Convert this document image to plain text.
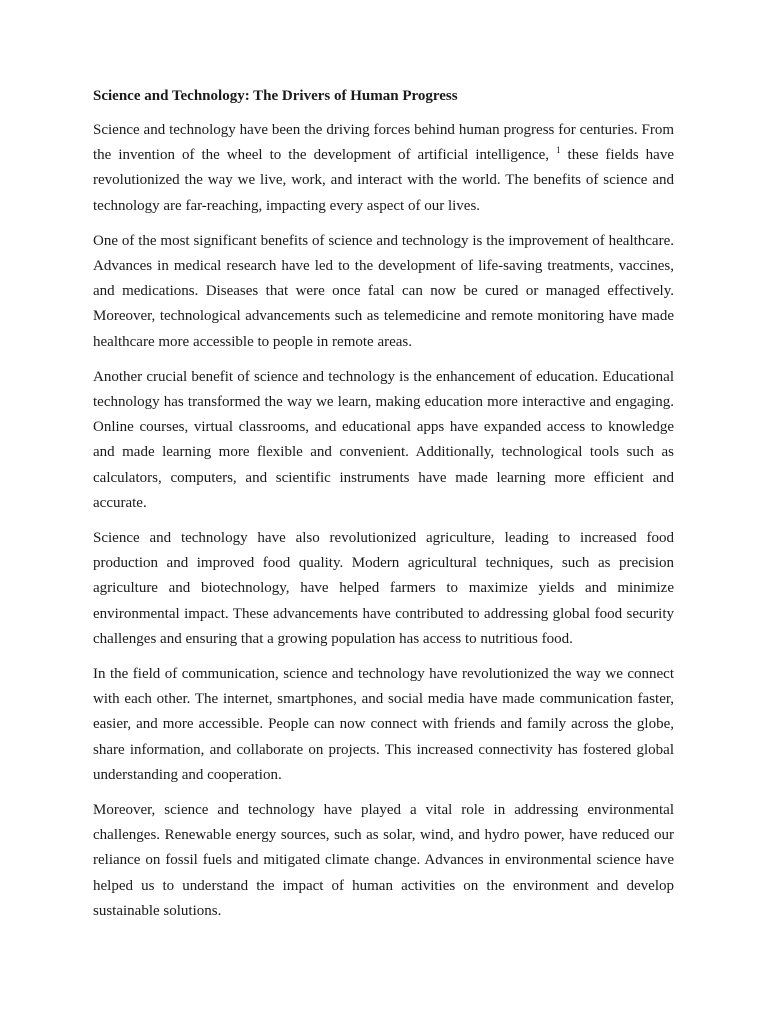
Science and Technology: The Drivers of Human Progress

Science and technology have been the driving forces behind human progress for centuries. From the invention of the wheel to the development of artificial intelligence, $^1$ these fields have revolutionized the way we live, work, and interact with the world. The benefits of science and technology are far-reaching, impacting every aspect of our lives.

One of the most significant benefits of science and technology is the improvement of healthcare. Advances in medical research have led to the development of life-saving treatments, vaccines, and medications. Diseases that were once fatal can now be cured or managed effectively. Moreover, technological advancements such as telemedicine and remote monitoring have made healthcare more accessible to people in remote areas.

Another crucial benefit of science and technology is the enhancement of education. Educational technology has transformed the way we learn, making education more interactive and engaging. Online courses, virtual classrooms, and educational apps have expanded access to knowledge and made learning more flexible and convenient. Additionally, technological tools such as calculators, computers, and scientific instruments have made learning more efficient and accurate.

Science and technology have also revolutionized agriculture, leading to increased food production and improved food quality. Modern agricultural techniques, such as precision agriculture and biotechnology, have helped farmers to maximize yields and minimize environmental impact. These advancements have contributed to addressing global food security challenges and ensuring that a growing population has access to nutritious food.

In the field of communication, science and technology have revolutionized the way we connect with each other. The internet, smartphones, and social media have made communication faster, easier, and more accessible. People can now connect with friends and family across the globe, share information, and collaborate on projects. This increased connectivity has fostered global understanding and cooperation.

Moreover, science and technology have played a vital role in addressing environmental challenges. Renewable energy sources, such as solar, wind, and hydro power, have reduced our reliance on fossil fuels and mitigated climate change. Advances in environmental science have helped us to understand the impact of human activities on the environment and develop sustainable solutions.
